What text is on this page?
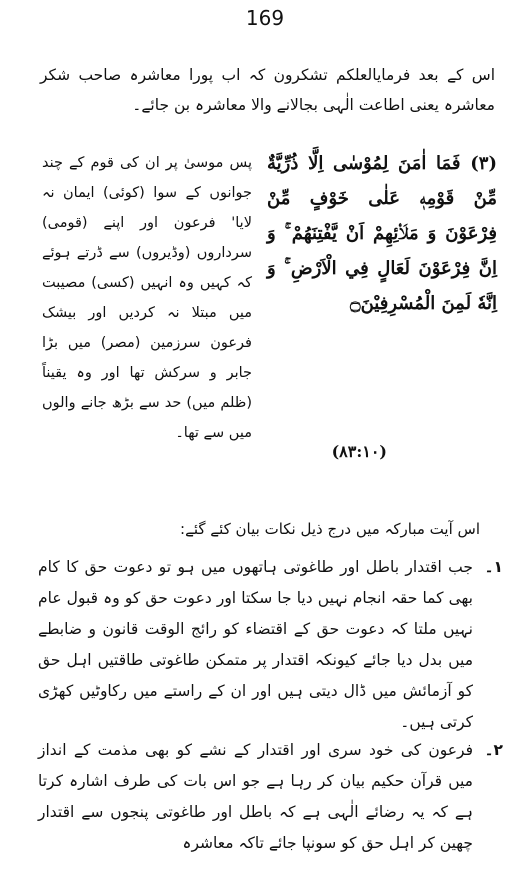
169

اس کے بعد فرمایالعلکم تشکرون کہ اب پورا معاشرہ صاحب شکر معاشرہ یعنی اطاعت الٰہی بجالانے والا معاشرہ بن جائے۔

(۳) فَمَا اٰمَنَ لِمُوْسٰى اِلَّا ذُرِّيَّةٌ مِّنْ قَوْمِهٖ عَلٰى خَوْفٍ مِّنْ فِرْعَوْنَ وَ مَلَا۟ئِهِمْ اَنْ يَّفْتِنَهُمْ ۚ وَ اِنَّ فِرْعَوْنَ لَعَالٍ فِي الْاَرْضِ ۚ وَ اِنَّهٗ لَمِنَ الْمُسْرِفِيْنَ۝
(۸۳:۱۰)
پس موسیٰ پر ان کی قوم کے چند جوانوں کے سوا (کوئی) ایمان نہ لایا' فرعون اور اپنے (قومی) سرداروں (وڈیروں) سے ڈرتے ہوئے کہ کہیں وہ انہیں (کسی) مصیبت میں مبتلا نہ کردیں اور بیشک فرعون سرزمین (مصر) میں بڑا جابر و سرکش تھا اور وہ یقیناً (ظلم میں) حد سے بڑھ جانے والوں میں سے تھا۔

اس آیت مبارکہ میں درج ذیل نکات بیان کئے گئے:

۱۔
جب اقتدار باطل اور طاغوتی ہاتھوں میں ہو تو دعوت حق کا کام بھی کما حقہ انجام نہیں دیا جا سکتا اور دعوت حق کو وہ قبول عام نہیں ملتا کہ دعوت حق کے اقتضاء کو رائج الوقت قانون و ضابطے میں بدل دیا جائے کیونکہ اقتدار پر متمکن طاغوتی طاقتیں اہل حق کو آزمائش میں ڈال دیتی ہیں اور ان کے راستے میں رکاوٹیں کھڑی کرتی ہیں۔
۲۔
فرعون کی خود سری اور اقتدار کے نشے کو بھی مذمت کے انداز میں قرآن حکیم بیان کر رہا ہے جو اس بات کی طرف اشارہ کرتا ہے کہ یہ رضائے الٰہی ہے کہ باطل اور طاغوتی پنجوں سے اقتدار چھین کر اہل حق کو سونپا جائے تاکہ معاشرہ
